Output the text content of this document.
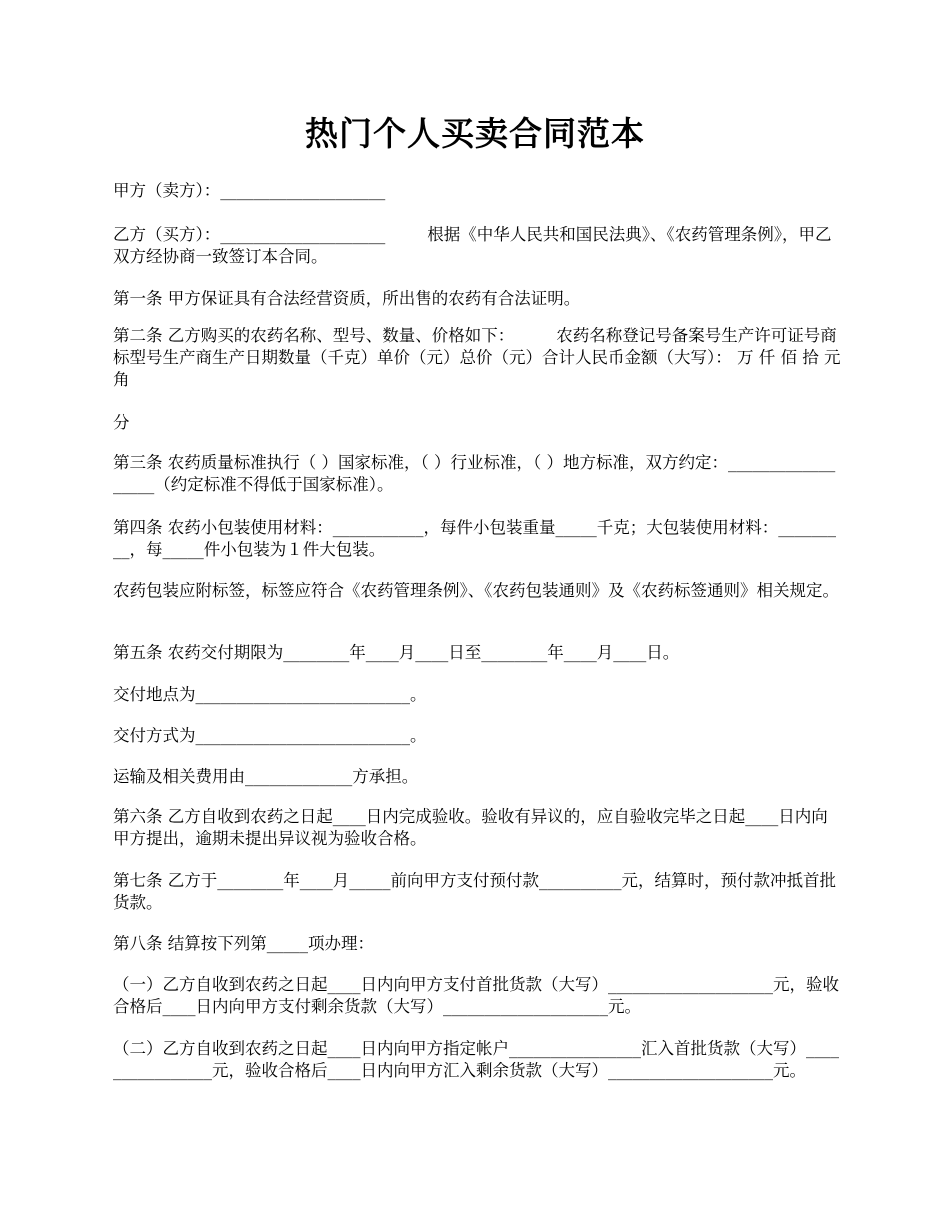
热门个人买卖合同范本

甲方（卖方）：____________________

乙方（买方）：____________________        根据《中华人民共和国民法典》、《农药管理条例》，甲乙双方经协商一致签订本合同。

第一条 甲方保证具有合法经营资质，所出售的农药有合法证明。

第二条 乙方购买的农药名称、型号、数量、价格如下：        农药名称登记号备案号生产许可证号商标型号生产商生产日期数量（千克）单价（元）总价（元）合计人民币金额（大写）： 万 仟 佰 拾 元 角

分

第三条 农药质量标准执行（ ）国家标准，（ ）行业标准，（ ）地方标准，双方约定：__________________（约定标准不得低于国家标准）。

第四条 农药小包装使用材料：___________，每件小包装重量_____千克；大包装使用材料：_________，每_____件小包装为１件大包装。

农药包装应附标签，标签应符合《农药管理条例》、《农药包装通则》及《农药标签通则》相关规定。

第五条 农药交付期限为________年____月____日至________年____月____日。

交付地点为__________________________。

交付方式为__________________________。

运输及相关费用由_____________方承担。

第六条 乙方自收到农药之日起____日内完成验收。验收有异议的，应自验收完毕之日起____日内向甲方提出，逾期未提出异议视为验收合格。

第七条 乙方于________年____月_____前向甲方支付预付款__________元，结算时，预付款冲抵首批货款。

第八条 结算按下列第_____项办理：

（一）乙方自收到农药之日起____日内向甲方支付首批货款（大写）____________________元，验收合格后____日内向甲方支付剩余货款（大写）____________________元。

（二）乙方自收到农药之日起____日内向甲方指定帐户________________汇入首批货款（大写）________________元，验收合格后____日内向甲方汇入剩余货款（大写）____________________元。
